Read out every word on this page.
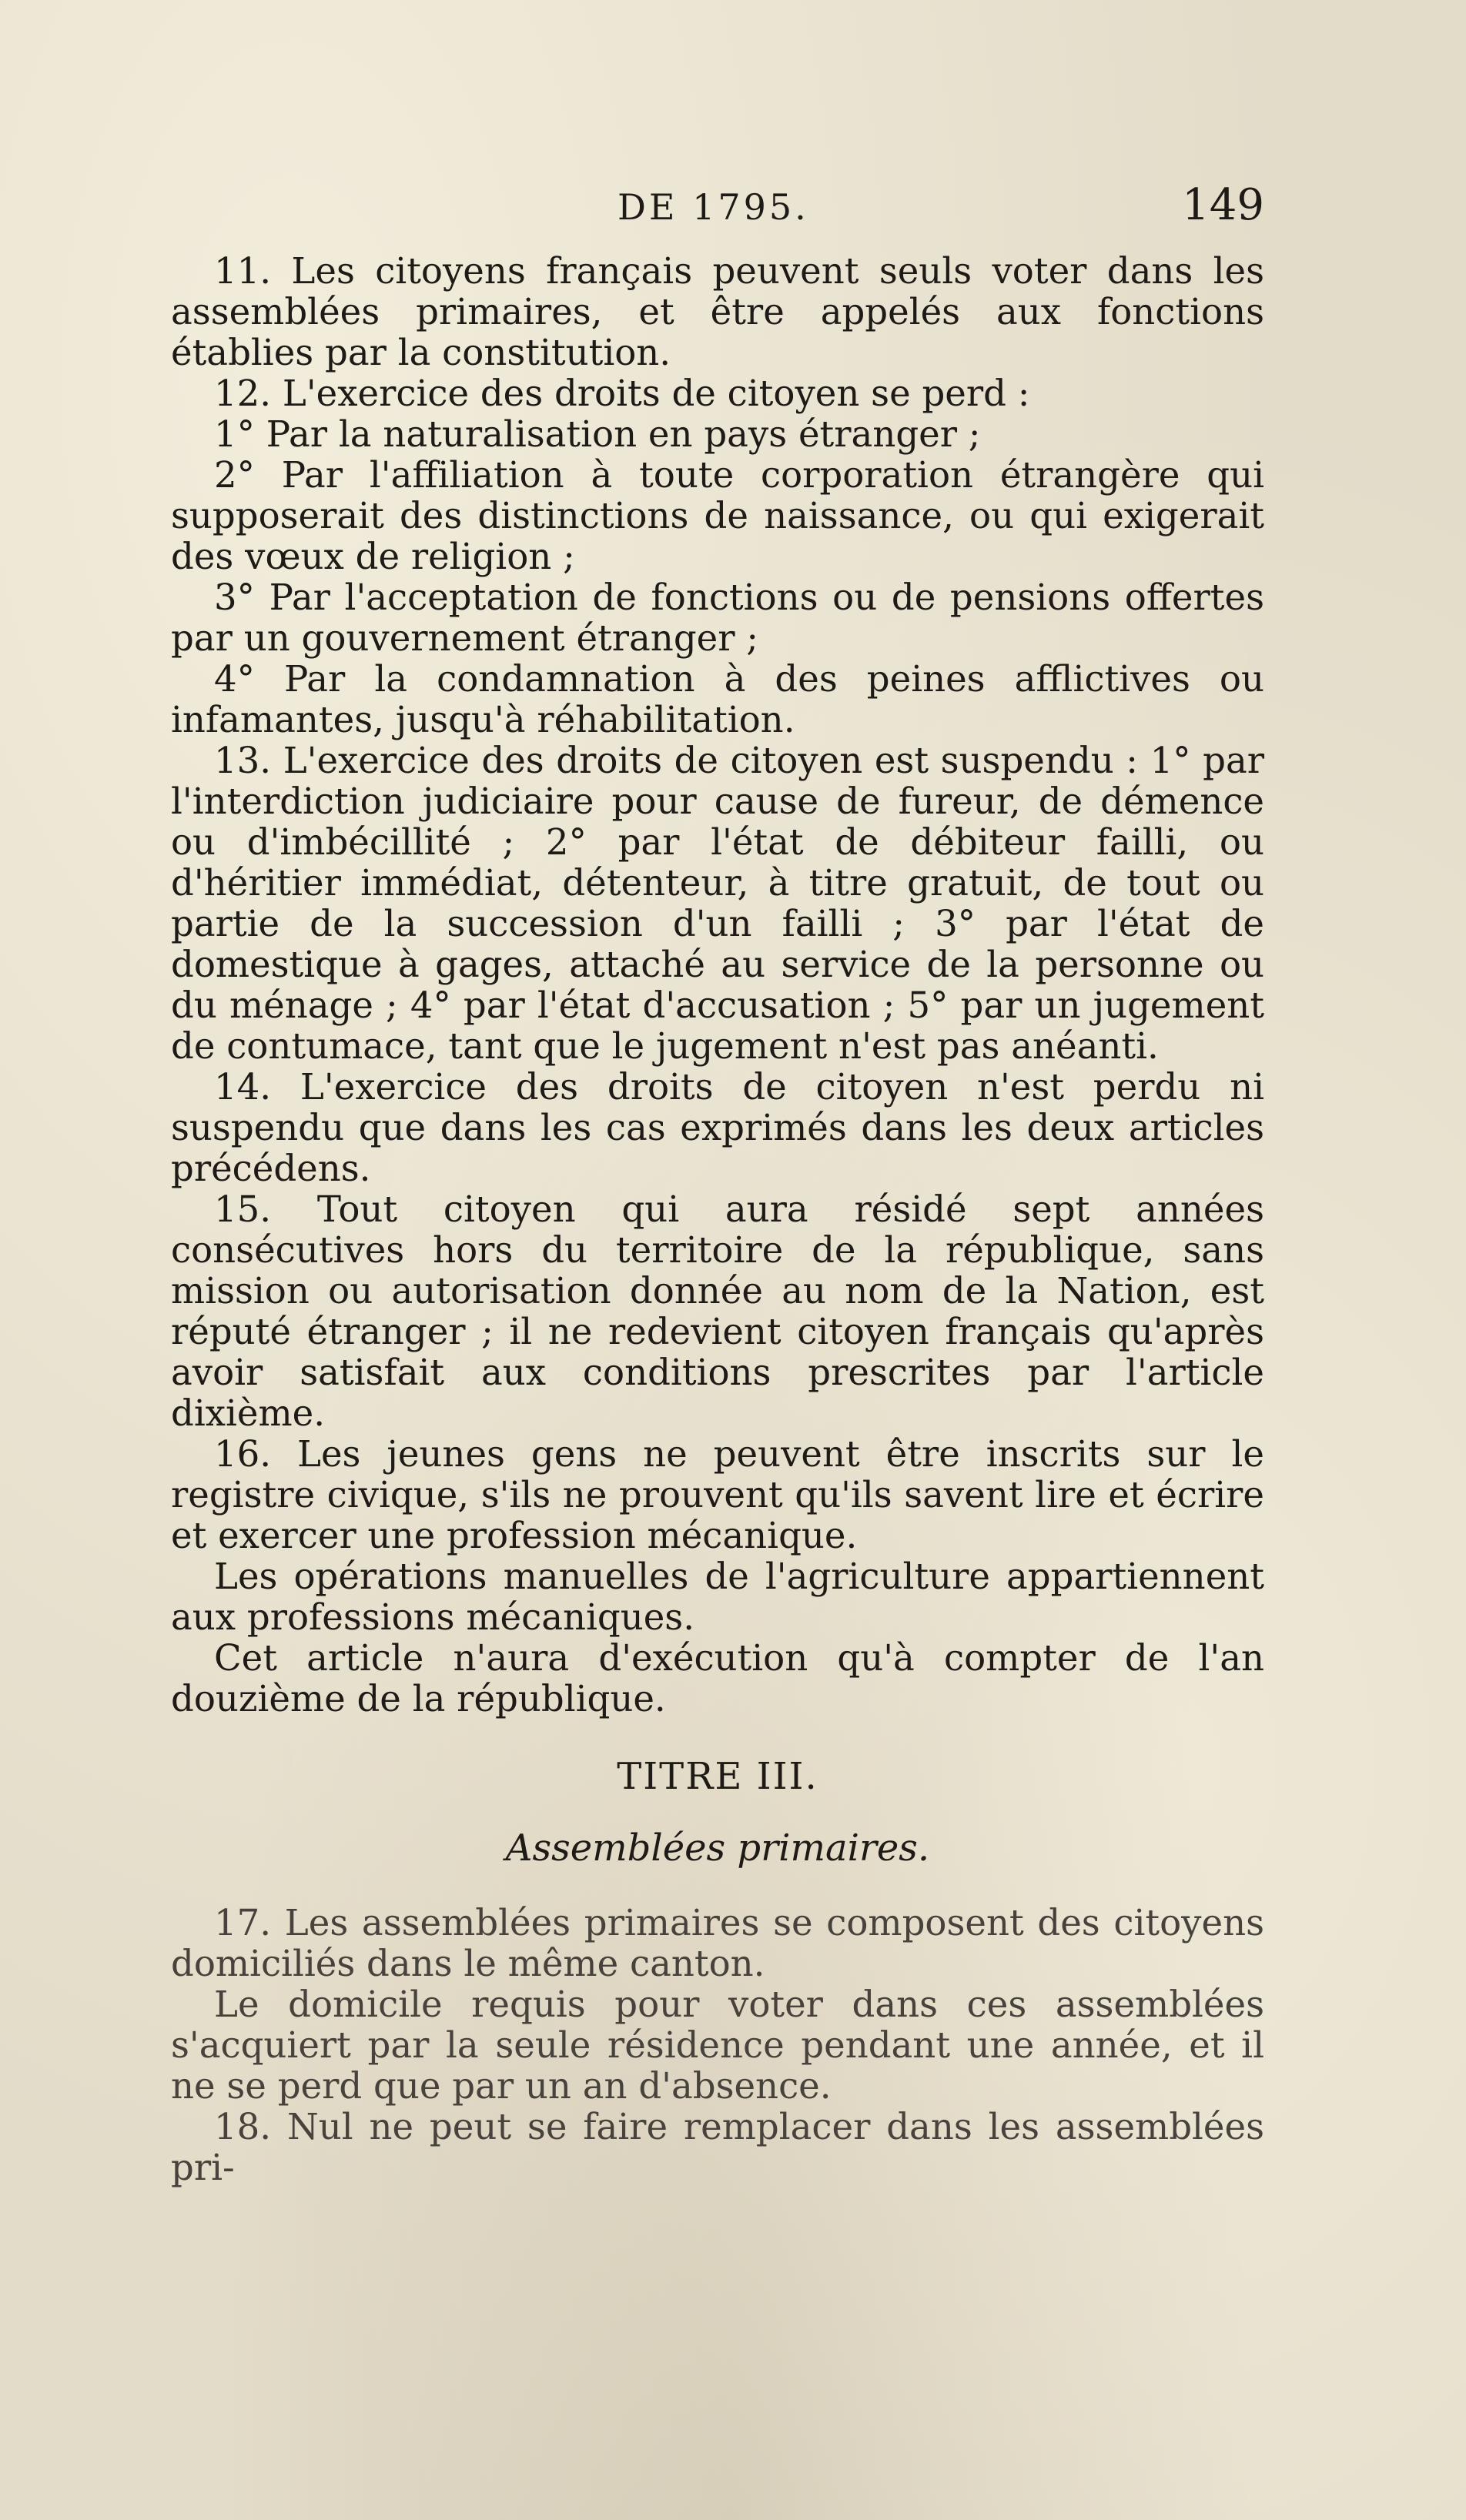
DE 1795.	149

11. Les citoyens français peuvent seuls voter dans les assemblées primaires, et être appelés aux fonctions établies par la constitution.

12. L'exercice des droits de citoyen se perd :

1° Par la naturalisation en pays étranger ;

2° Par l'affiliation à toute corporation étrangère qui supposerait des distinctions de naissance, ou qui exigerait des vœux de religion ;

3° Par l'acceptation de fonctions ou de pensions offertes par un gouvernement étranger ;

4° Par la condamnation à des peines afflictives ou infamantes, jusqu'à réhabilitation.

13. L'exercice des droits de citoyen est suspendu : 1° par l'interdiction judiciaire pour cause de fureur, de démence ou d'imbécillité ; 2° par l'état de débiteur failli, ou d'héritier immédiat, détenteur, à titre gratuit, de tout ou partie de la succession d'un failli ; 3° par l'état de domestique à gages, attaché au service de la personne ou du ménage ; 4° par l'état d'accusation ; 5° par un jugement de contumace, tant que le jugement n'est pas anéanti.

14. L'exercice des droits de citoyen n'est perdu ni suspendu que dans les cas exprimés dans les deux articles précédens.

15. Tout citoyen qui aura résidé sept années consécutives hors du territoire de la république, sans mission ou autorisation donnée au nom de la Nation, est réputé étranger ; il ne redevient citoyen français qu'après avoir satisfait aux conditions prescrites par l'article dixième.

16. Les jeunes gens ne peuvent être inscrits sur le registre civique, s'ils ne prouvent qu'ils savent lire et écrire et exercer une profession mécanique.

Les opérations manuelles de l'agriculture appartiennent aux professions mécaniques.

Cet article n'aura d'exécution qu'à compter de l'an douzième de la république.

TITRE III.

Assemblées primaires.

17. Les assemblées primaires se composent des citoyens domiciliés dans le même canton.

Le domicile requis pour voter dans ces assemblées s'acquiert par la seule résidence pendant une année, et il ne se perd que par un an d'absence.

18. Nul ne peut se faire remplacer dans les assemblées pri-
